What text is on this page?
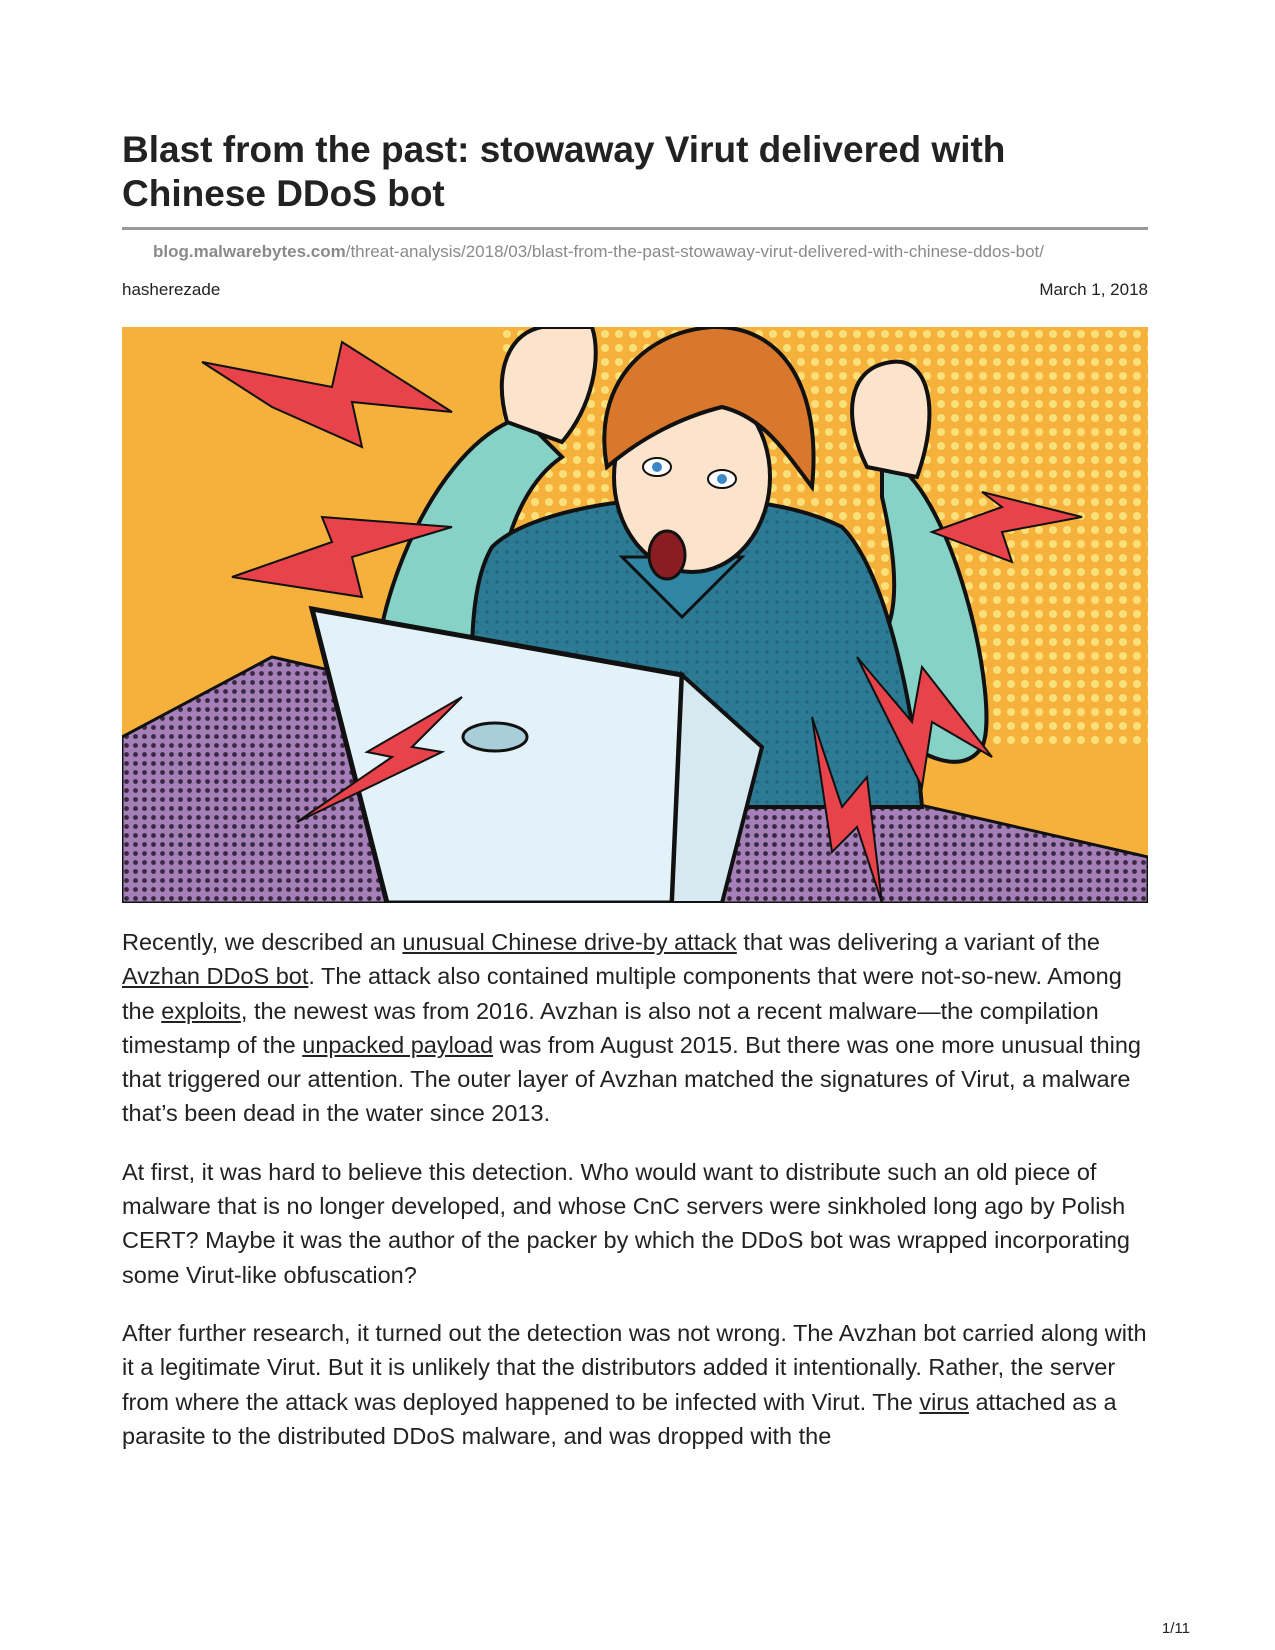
Blast from the past: stowaway Virut delivered with Chinese DDoS bot
blog.malwarebytes.com/threat-analysis/2018/03/blast-from-the-past-stowaway-virut-delivered-with-chinese-ddos-bot/
hasherezade	March 1, 2018

Recently, we described an unusual Chinese drive-by attack that was delivering a variant of the Avzhan DDoS bot. The attack also contained multiple components that were not-so-new. Among the exploits, the newest was from 2016. Avzhan is also not a recent malware—the compilation timestamp of the unpacked payload was from August 2015. But there was one more unusual thing that triggered our attention. The outer layer of Avzhan matched the signatures of Virut, a malware that’s been dead in the water since 2013.

At first, it was hard to believe this detection. Who would want to distribute such an old piece of malware that is no longer developed, and whose CnC servers were sinkholed long ago by Polish CERT? Maybe it was the author of the packer by which the DDoS bot was wrapped incorporating some Virut-like obfuscation?

After further research, it turned out the detection was not wrong. The Avzhan bot carried along with it a legitimate Virut. But it is unlikely that the distributors added it intentionally. Rather, the server from where the attack was deployed happened to be infected with Virut. The virus attached as a parasite to the distributed DDoS malware, and was dropped with the

1/11
